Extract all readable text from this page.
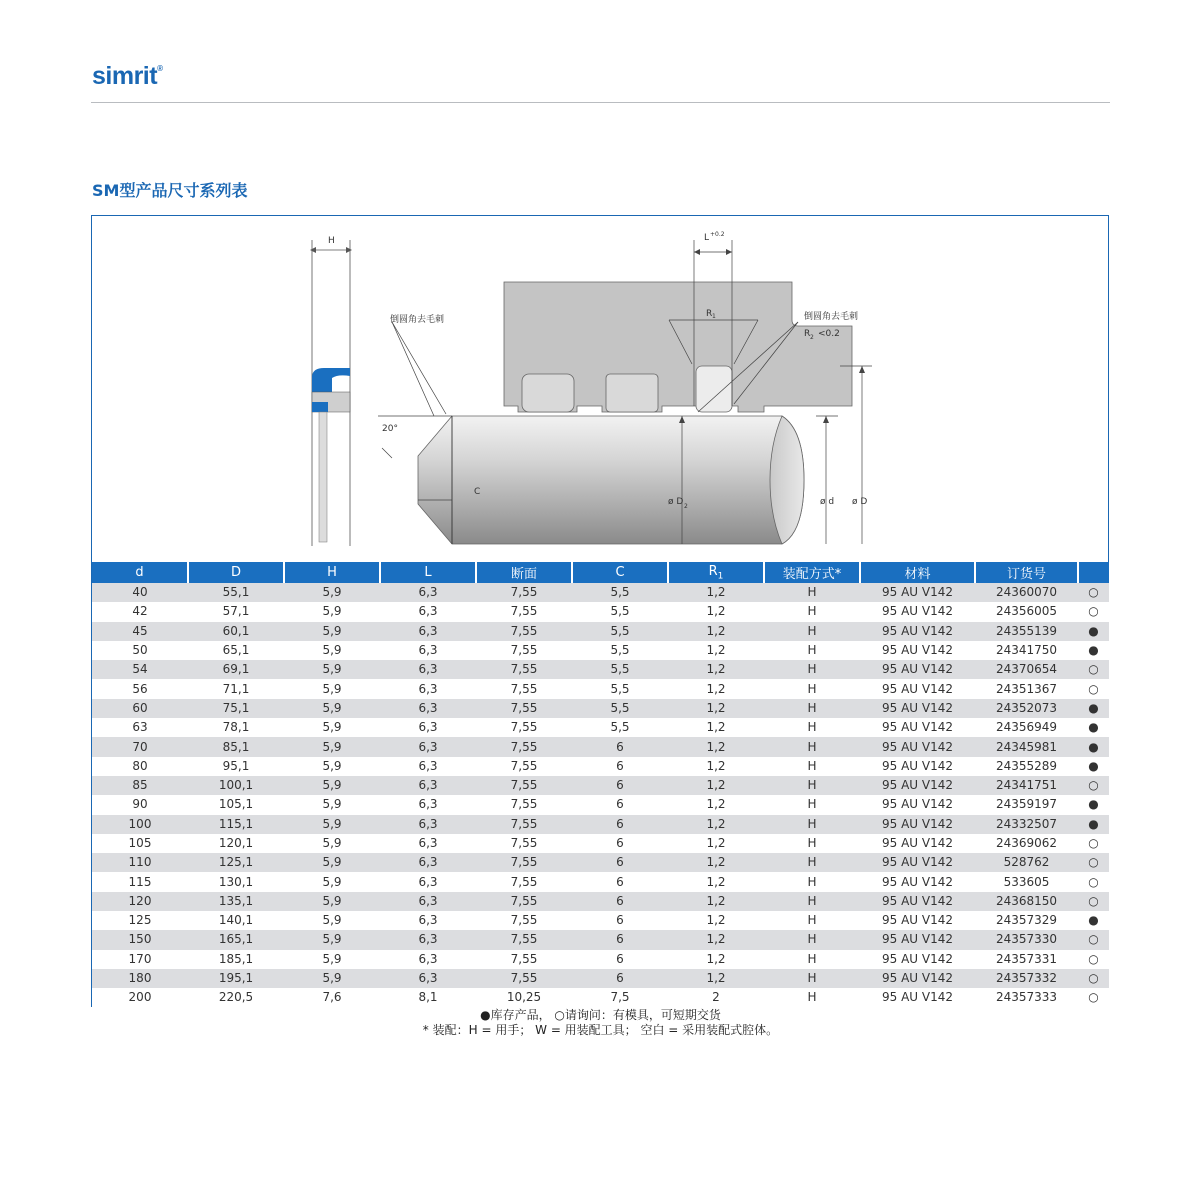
simrit®
SM型产品尺寸系列表
H	L +0.2
R 1
倒圆角去毛刺	倒圆角去毛刺
R 2 <0.2
20°
C
ø D 2	ø d ø D
d	D	H	L	断面	C	$R_1$	装配方式*	材料	订货号	
40	55,1	5,9	6,3	7,55	5,5	1,2	H	95 AU V142	24360070	○
42	57,1	5,9	6,3	7,55	5,5	1,2	H	95 AU V142	24356005	○
45	60,1	5,9	6,3	7,55	5,5	1,2	H	95 AU V142	24355139	●
50	65,1	5,9	6,3	7,55	5,5	1,2	H	95 AU V142	24341750	●
54	69,1	5,9	6,3	7,55	5,5	1,2	H	95 AU V142	24370654	○
56	71,1	5,9	6,3	7,55	5,5	1,2	H	95 AU V142	24351367	○
60	75,1	5,9	6,3	7,55	5,5	1,2	H	95 AU V142	24352073	●
63	78,1	5,9	6,3	7,55	5,5	1,2	H	95 AU V142	24356949	●
70	85,1	5,9	6,3	7,55	6	1,2	H	95 AU V142	24345981	●
80	95,1	5,9	6,3	7,55	6	1,2	H	95 AU V142	24355289	●
85	100,1	5,9	6,3	7,55	6	1,2	H	95 AU V142	24341751	○
90	105,1	5,9	6,3	7,55	6	1,2	H	95 AU V142	24359197	●
100	115,1	5,9	6,3	7,55	6	1,2	H	95 AU V142	24332507	●
105	120,1	5,9	6,3	7,55	6	1,2	H	95 AU V142	24369062	○
110	125,1	5,9	6,3	7,55	6	1,2	H	95 AU V142	528762	○
115	130,1	5,9	6,3	7,55	6	1,2	H	95 AU V142	533605	○
120	135,1	5,9	6,3	7,55	6	1,2	H	95 AU V142	24368150	○
125	140,1	5,9	6,3	7,55	6	1,2	H	95 AU V142	24357329	●
150	165,1	5,9	6,3	7,55	6	1,2	H	95 AU V142	24357330	○
170	185,1	5,9	6,3	7,55	6	1,2	H	95 AU V142	24357331	○
180	195,1	5,9	6,3	7,55	6	1,2	H	95 AU V142	24357332	○
200	220,5	7,6	8,1	10,25	7,5	2	H	95 AU V142	24357333	○
●库存产品， ○请询问：有模具，可短期交货
* 装配：H = 用手； W = 用装配工具； 空白 = 采用装配式腔体。
